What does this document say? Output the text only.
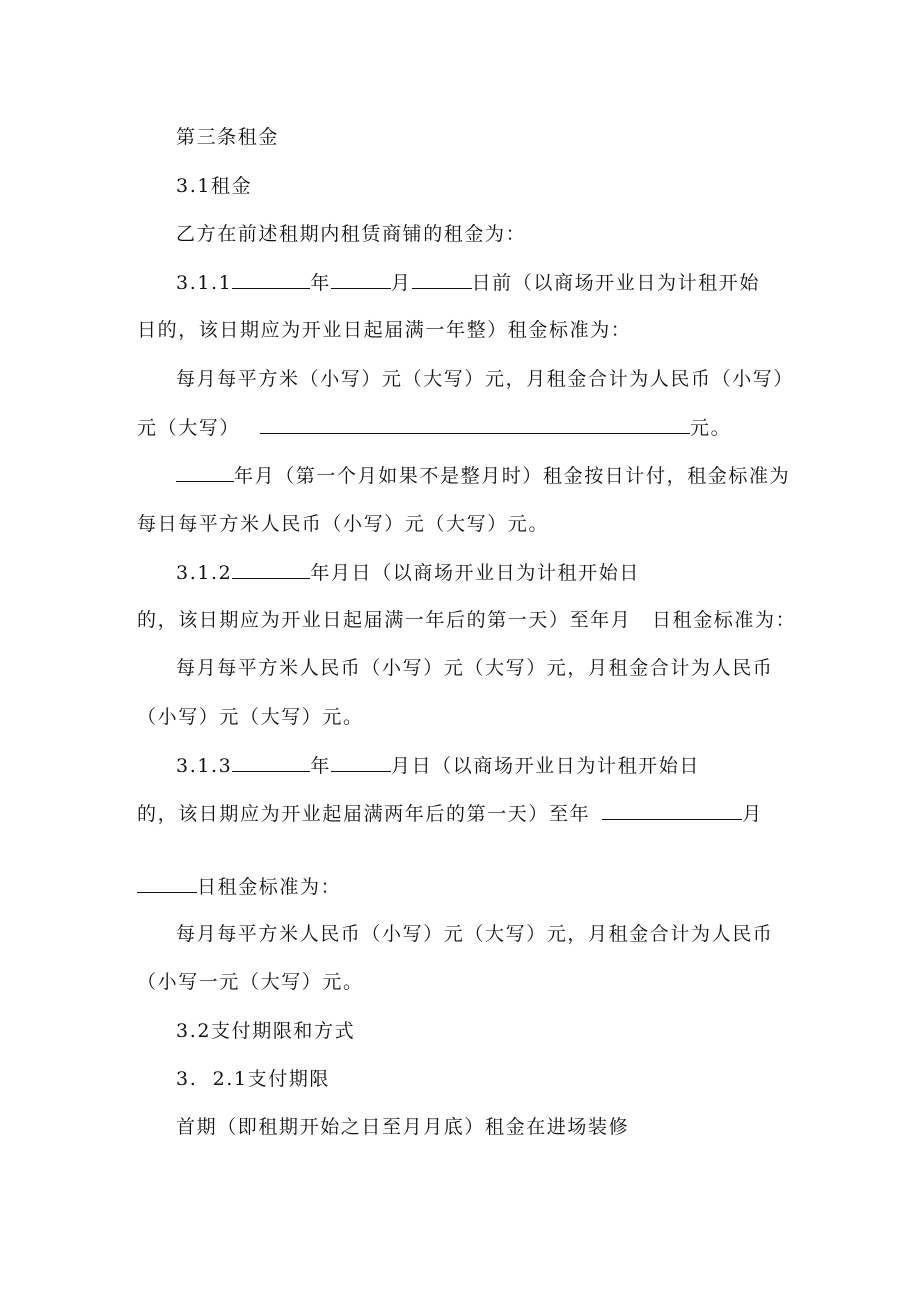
第三条租金
3.1租金
乙方在前述租期内租赁商铺的租金为：
3.1.1	年	月	日前（以商场开业日为计租开始
日的，该日期应为开业日起届满一年整）租金标准为：
每月每平方米（小写）元（大写）元，月租金合计为人民币（小写）
元（大写）	元。
年月（第一个月如果不是整月时）租金按日计付，租金标准为
每日每平方米人民币（小写）元（大写）元。
3.1.2	年月日（以商场开业日为计租开始日
的，该日期应为开业日起届满一年后的第一天）至年月　日租金标准为：
每月每平方米人民币（小写）元（大写）元，月租金合计为人民币
（小写）元（大写）元。
3.1.3	年	月日（以商场开业日为计租开始日
的，该日期应为开业起届满两年后的第一天）至年	月
日租金标准为：
每月每平方米人民币（小写）元（大写）元，月租金合计为人民币
（小写一元（大写）元。
3.2支付期限和方式
3.  2.1支付期限
首期（即租期开始之日至月月底）租金在进场装修
